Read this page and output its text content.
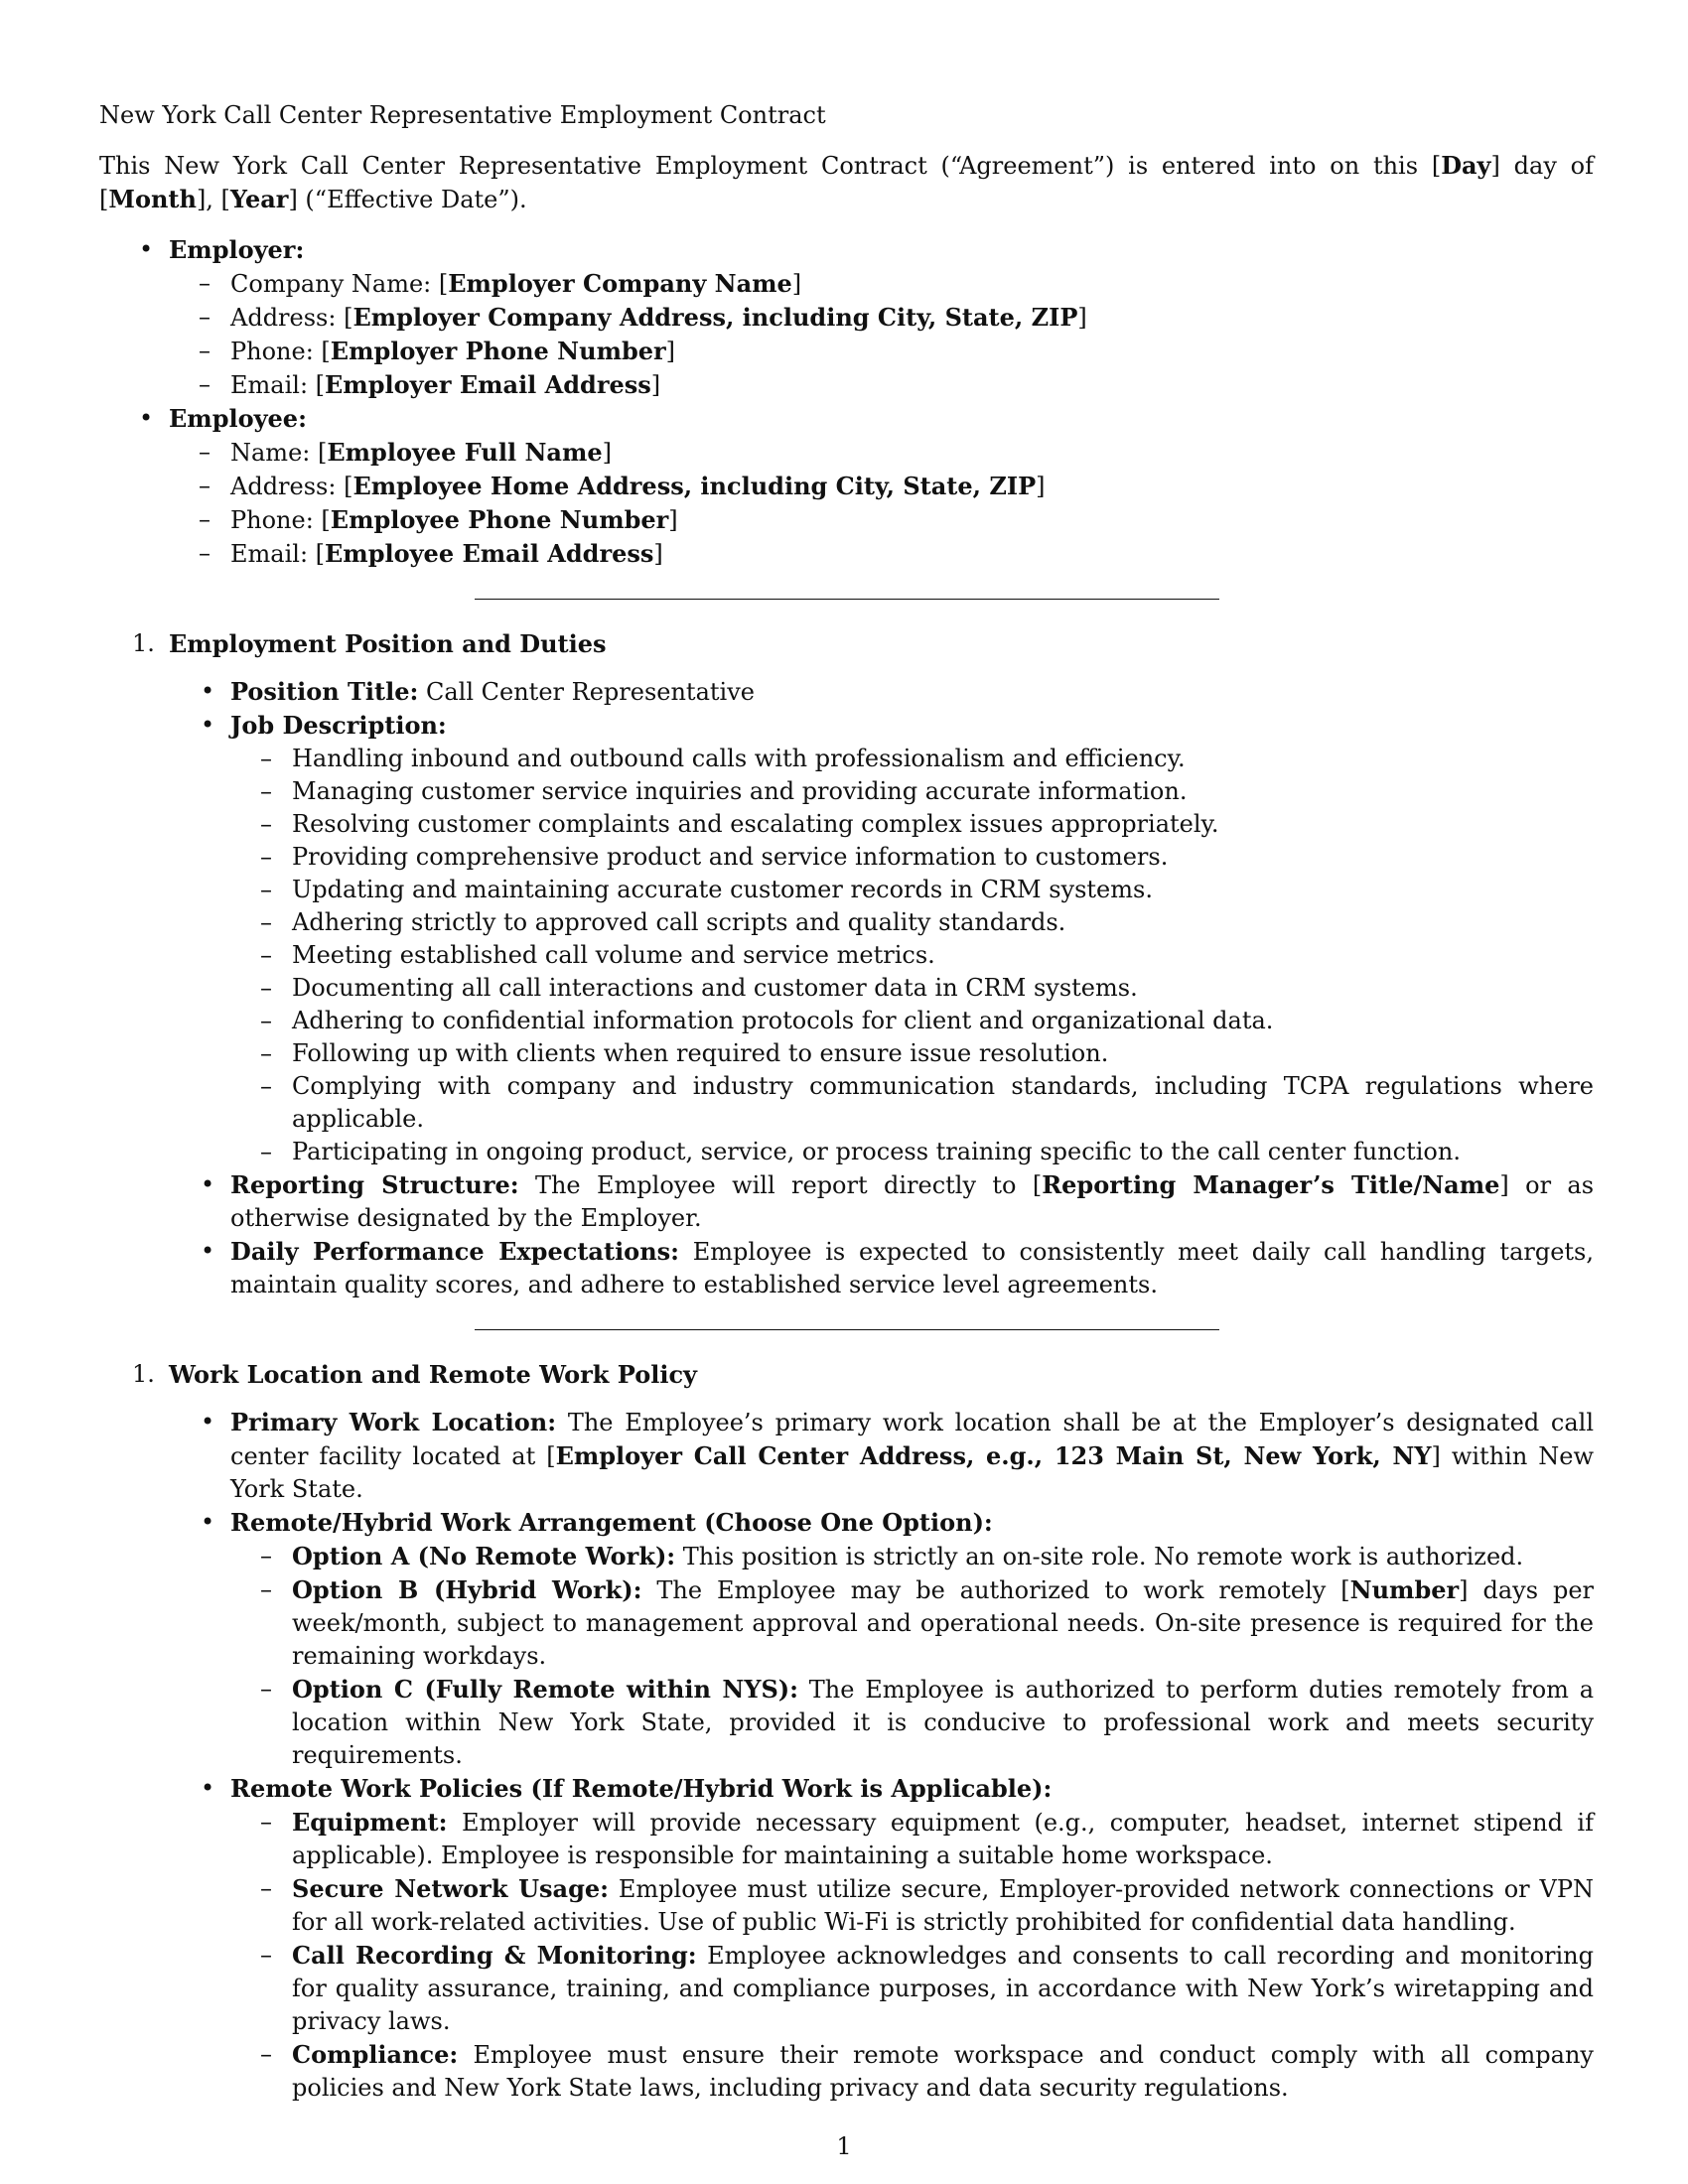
New York Call Center Representative Employment Contract

This New York Call Center Representative Employment Contract (“Agreement”) is entered into on this [Day] day of [Month], [Year] (“Effective Date”).

• Employer:
– Company Name: [Employer Company Name]
– Address: [Employer Company Address, including City, State, ZIP]
– Phone: [Employer Phone Number]
– Email: [Employer Email Address]
• Employee:
– Name: [Employee Full Name]
– Address: [Employee Home Address, including City, State, ZIP]
– Phone: [Employee Phone Number]
– Email: [Employee Email Address]
1. Employment Position and Duties
• Position Title: Call Center Representative
• Job Description:
– Handling inbound and outbound calls with professionalism and efficiency.
– Managing customer service inquiries and providing accurate information.
– Resolving customer complaints and escalating complex issues appropriately.
– Providing comprehensive product and service information to customers.
– Updating and maintaining accurate customer records in CRM systems.
– Adhering strictly to approved call scripts and quality standards.
– Meeting established call volume and service metrics.
– Documenting all call interactions and customer data in CRM systems.
– Adhering to confidential information protocols for client and organizational data.
– Following up with clients when required to ensure issue resolution.
– Complying with company and industry communication standards, including TCPA regulations where applicable.
– Participating in ongoing product, service, or process training specific to the call center function.
• Reporting Structure: The Employee will report directly to [Reporting Manager’s Title/Name] or as otherwise designated by the Employer.
• Daily Performance Expectations: Employee is expected to consistently meet daily call handling targets, maintain quality scores, and adhere to established service level agreements.
1. Work Location and Remote Work Policy
• Primary Work Location: The Employee’s primary work location shall be at the Employer’s designated call center facility located at [Employer Call Center Address, e.g., 123 Main St, New York, NY] within New York State.
• Remote/Hybrid Work Arrangement (Choose One Option):
– Option A (No Remote Work): This position is strictly an on-site role. No remote work is authorized.
– Option B (Hybrid Work): The Employee may be authorized to work remotely [Number] days per week/month, subject to management approval and operational needs. On-site presence is required for the remaining workdays.
– Option C (Fully Remote within NYS): The Employee is authorized to perform duties remotely from a location within New York State, provided it is conducive to professional work and meets security requirements.
• Remote Work Policies (If Remote/Hybrid Work is Applicable):
– Equipment: Employer will provide necessary equipment (e.g., computer, headset, internet stipend if applicable). Employee is responsible for maintaining a suitable home workspace.
– Secure Network Usage: Employee must utilize secure, Employer-provided network connections or VPN for all work-related activities. Use of public Wi-Fi is strictly prohibited for confidential data handling.
– Call Recording & Monitoring: Employee acknowledges and consents to call recording and monitoring for quality assurance, training, and compliance purposes, in accordance with New York’s wiretapping and privacy laws.
– Compliance: Employee must ensure their remote workspace and conduct comply with all company policies and New York State laws, including privacy and data security regulations.
1
